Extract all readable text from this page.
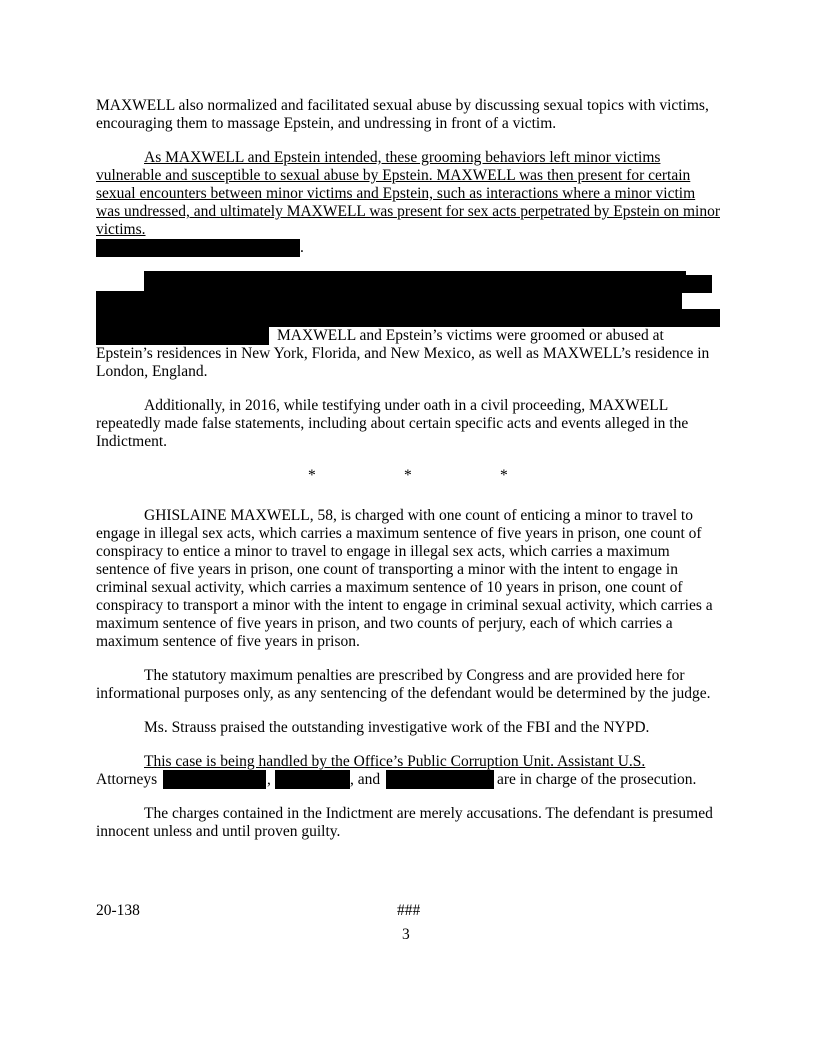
MAXWELL also normalized and facilitated sexual abuse by discussing sexual topics with victims, encouraging them to massage Epstein, and undressing in front of a victim.

As MAXWELL and Epstein intended, these grooming behaviors left minor victims vulnerable and susceptible to sexual abuse by Epstein. MAXWELL was then present for certain sexual encounters between minor victims and Epstein, such as interactions where a minor victim was undressed, and ultimately MAXWELL was present for sex acts perpetrated by Epstein on minor victims.

.
MAXWELL and Epstein’s victims were groomed or abused at

Epstein’s residences in New York, Florida, and New Mexico, as well as MAXWELL’s residence in London, England.

Additionally, in 2016, while testifying under oath in a civil proceeding, MAXWELL repeatedly made false statements, including about certain specific acts and events alleged in the Indictment.

*	*	*

GHISLAINE MAXWELL, 58, is charged with one count of enticing a minor to travel to engage in illegal sex acts, which carries a maximum sentence of five years in prison, one count of conspiracy to entice a minor to travel to engage in illegal sex acts, which carries a maximum sentence of five years in prison, one count of transporting a minor with the intent to engage in criminal sexual activity, which carries a maximum sentence of 10 years in prison, one count of conspiracy to transport a minor with the intent to engage in criminal sexual activity, which carries a maximum sentence of five years in prison, and two counts of perjury, each of which carries a maximum sentence of five years in prison.

The statutory maximum penalties are prescribed by Congress and are provided here for informational purposes only, as any sentencing of the defendant would be determined by the judge.

Ms. Strauss praised the outstanding investigative work of the FBI and the NYPD.

This case is being handled by the Office’s Public Corruption Unit. Assistant U.S.
Attorneys	,	, and	are in charge of the prosecution.

The charges contained in the Indictment are merely accusations. The defendant is presumed innocent unless and until proven guilty.

20-138	###
3
